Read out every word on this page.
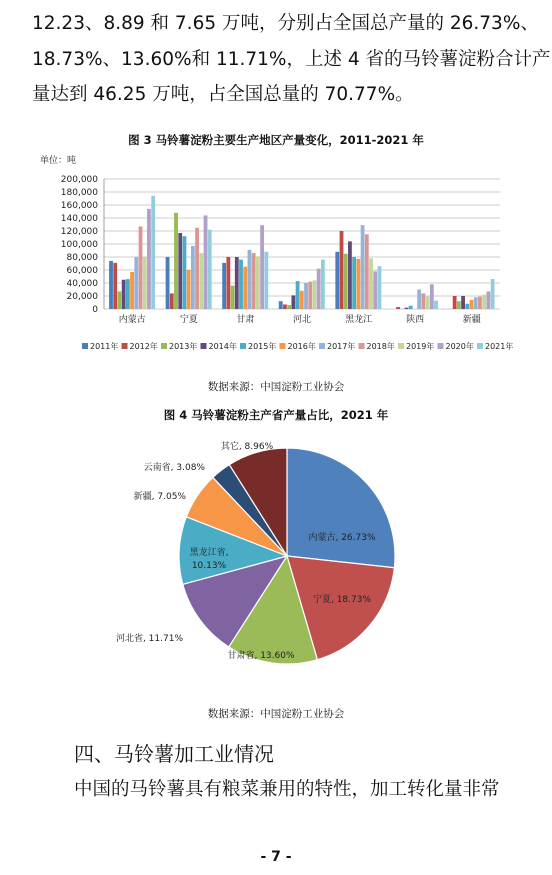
12.23、8.89 和 7.65 万吨，分别占全国总产量的 26.73%、
18.73%、13.60%和 11.71%，上述 4 省的马铃薯淀粉合计产
量达到 46.25 万吨，占全国总量的 70.77%。
图 3 马铃薯淀粉主要生产地区产量变化，2011-2021 年
单位：吨
0
20,000
40,000
60,000
80,000
100,000
120,000
140,000
160,000
180,000
200,000
内蒙古	宁夏	甘肃	河北	黑龙江	陕西	新疆
2011年 2012年 2013年 2014年 2015年 2016年 2017年 2018年 2019年 2020年 2021年
数据来源：中国淀粉工业协会
图 4 马铃薯淀粉主产省产量占比，2021 年
内蒙古, 26.73%
宁夏, 18.73%
甘肃省, 13.60%
河北省, 11.71%
黑龙江省,
10.13%
新疆, 7.05%
云南省, 3.08%
其它, 8.96%
数据来源：中国淀粉工业协会
四、马铃薯加工业情况
中国的马铃薯具有粮菜兼用的特性，加工转化量非常
- 7 -
